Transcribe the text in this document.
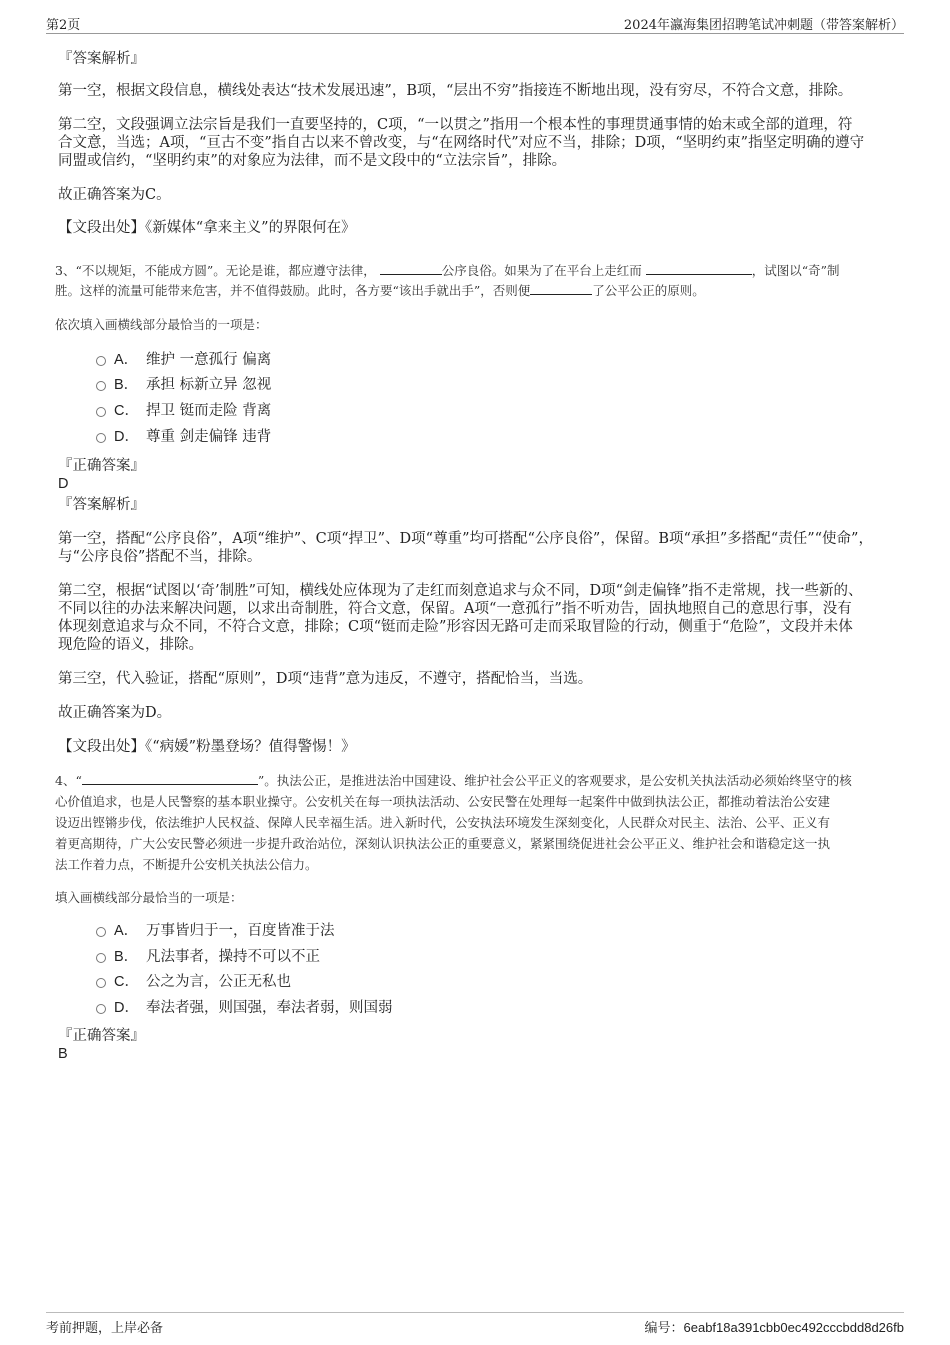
第2页	2024年瀛海集团招聘笔试冲刺题（带答案解析）
『答案解析』
第一空，根据文段信息，横线处表达“技术发展迅速”，B项，“层出不穷”指接连不断地出现，没有穷尽，不符合文意，排除。
第二空，文段强调立法宗旨是我们一直要坚持的，C项，“一以贯之”指用一个根本性的事理贯通事情的始末或全部的道理，符
合文意，当选；A项，“亘古不变”指自古以来不曾改变，与“在网络时代”对应不当，排除；D项，“坚明约束”指坚定明确的遵守
同盟或信约，“坚明约束”的对象应为法律，而不是文段中的“立法宗旨”，排除。
故正确答案为C。
【文段出处】《新媒体“拿来主义”的界限何在》
3、“不以规矩，不能成方圆”。无论是谁，都应遵守法律，	公序良俗。如果为了在平台上走红而	，试图以“奇”制
胜。这样的流量可能带来危害，并不值得鼓励。此时，各方要“该出手就出手”，否则便	了公平公正的原则。
依次填入画横线部分最恰当的一项是：
A． 维护 一意孤行 偏离
B． 承担 标新立异 忽视
C． 捍卫 铤而走险 背离
D． 尊重 剑走偏锋 违背
『正确答案』
D
『答案解析』
第一空，搭配“公序良俗”，A项“维护”、C项“捍卫”、D项“尊重”均可搭配“公序良俗”，保留。B项“承担”多搭配“责任”“使命”，
与“公序良俗”搭配不当，排除。
第二空，根据“试图以‘奇’制胜”可知，横线处应体现为了走红而刻意追求与众不同，D项“剑走偏锋”指不走常规，找一些新的、
不同以往的办法来解决问题，以求出奇制胜，符合文意，保留。A项“一意孤行”指不听劝告，固执地照自己的意思行事，没有
体现刻意追求与众不同，不符合文意，排除；C项“铤而走险”形容因无路可走而采取冒险的行动，侧重于“危险”，文段并未体
现危险的语义，排除。
第三空，代入验证，搭配“原则”，D项“违背”意为违反，不遵守，搭配恰当，当选。
故正确答案为D。
【文段出处】《“病媛”粉墨登场？值得警惕！》
4、“	”。执法公正，是推进法治中国建设、维护社会公平正义的客观要求，是公安机关执法活动必须始终坚守的核
心价值追求，也是人民警察的基本职业操守。公安机关在每一项执法活动、公安民警在处理每一起案件中做到执法公正，都推动着法治公安建
设迈出铿锵步伐，依法维护人民权益、保障人民幸福生活。进入新时代，公安执法环境发生深刻变化，人民群众对民主、法治、公平、正义有
着更高期待，广大公安民警必须进一步提升政治站位，深刻认识执法公正的重要意义，紧紧围绕促进社会公平正义、维护社会和谐稳定这一执
法工作着力点，不断提升公安机关执法公信力。
填入画横线部分最恰当的一项是：
A． 万事皆归于一，百度皆准于法
B． 凡法事者，操持不可以不正
C． 公之为言，公正无私也
D． 奉法者强，则国强，奉法者弱，则国弱
『正确答案』
B
考前押题，上岸必备	编号：6eabf18a391cbb0ec492cccbdd8d26fb
